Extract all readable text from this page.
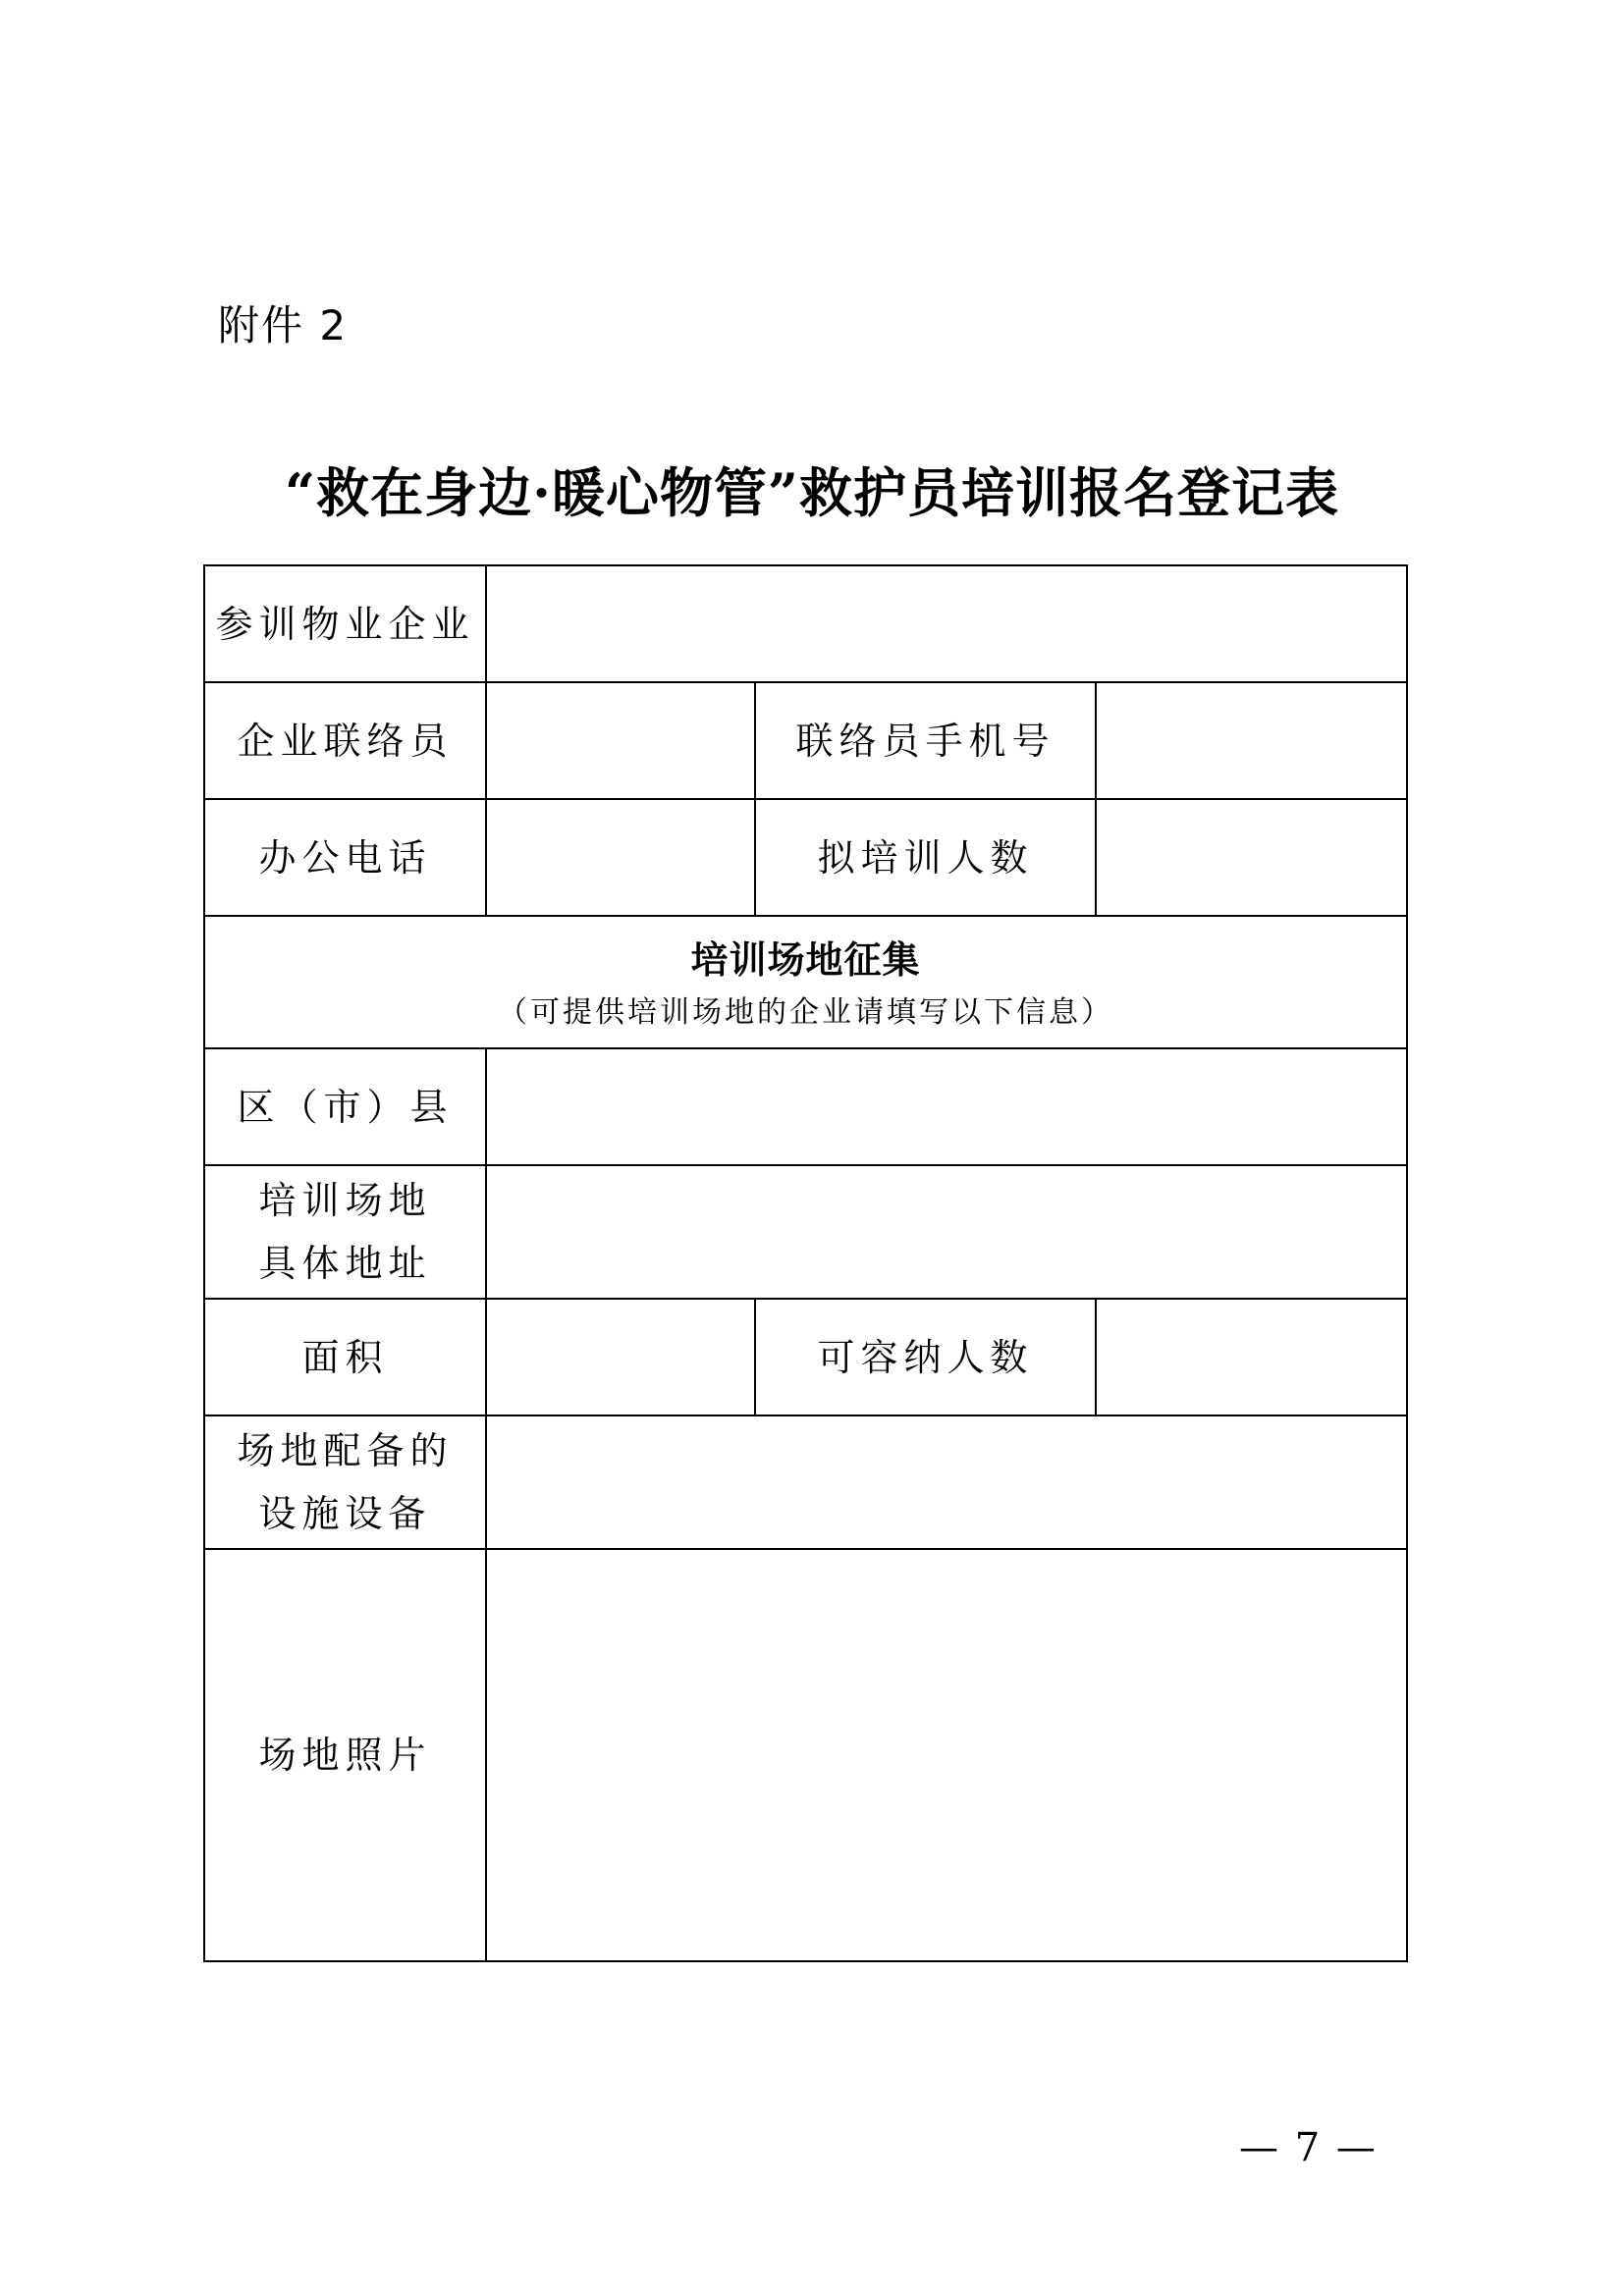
附件 2
“救在身边·暖心物管”救护员培训报名登记表
参训物业企业			
企业联络员		联络员手机号	
办公电话		拟培训人数	

培训场地征集
（可提供培训场地的企业请填写以下信息）			

区（市）县			

培训场地
具体地址			

面积		可容纳人数	

场地配备的
设施设备			

场地照片			
— 7 —
